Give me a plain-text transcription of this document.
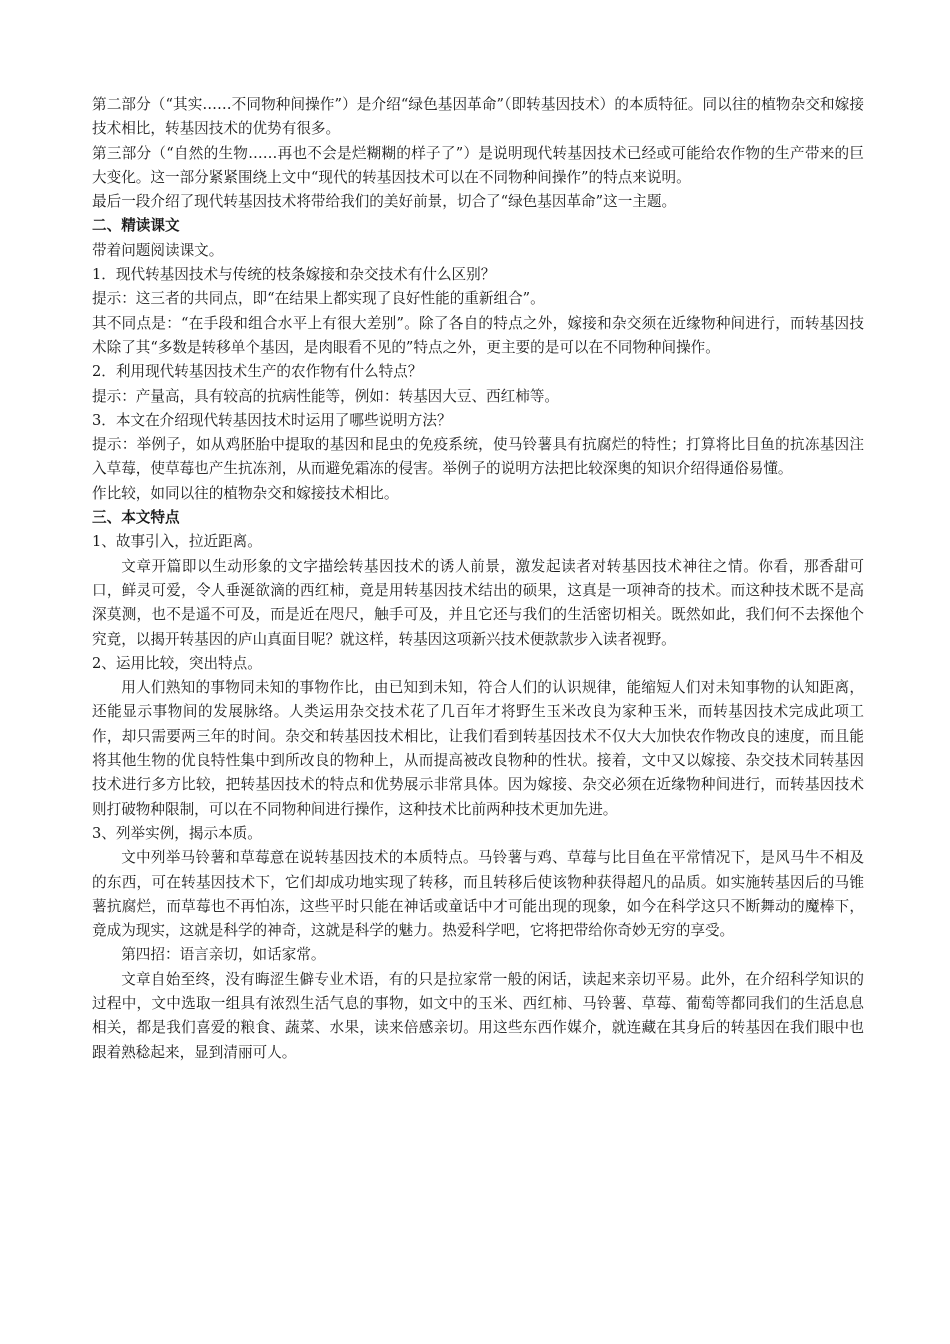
第二部分（“其实……不同物种间操作”）是介绍“绿色基因革命”（即转基因技术）的本质特征。同以往的植物杂交和嫁接技术相比，转基因技术的优势有很多。

第三部分（“自然的生物……再也不会是烂糊糊的样子了”）是说明现代转基因技术已经或可能给农作物的生产带来的巨大变化。这一部分紧紧围绕上文中“现代的转基因技术可以在不同物种间操作”的特点来说明。

最后一段介绍了现代转基因技术将带给我们的美好前景，切合了“绿色基因革命”这一主题。

二、精读课文

带着问题阅读课文。

1．现代转基因技术与传统的枝条嫁接和杂交技术有什么区别？

提示：这三者的共同点，即“在结果上都实现了良好性能的重新组合”。

其不同点是：“在手段和组合水平上有很大差别”。除了各自的特点之外，嫁接和杂交须在近缘物种间进行，而转基因技术除了其“多数是转移单个基因，是肉眼看不见的”特点之外，更主要的是可以在不同物种间操作。

2．利用现代转基因技术生产的农作物有什么特点？

提示：产量高，具有较高的抗病性能等，例如：转基因大豆、西红柿等。

3．本文在介绍现代转基因技术时运用了哪些说明方法？

提示：举例子，如从鸡胚胎中提取的基因和昆虫的免疫系统，使马铃薯具有抗腐烂的特性；打算将比目鱼的抗冻基因注入草莓，使草莓也产生抗冻剂，从而避免霜冻的侵害。举例子的说明方法把比较深奥的知识介绍得通俗易懂。

作比较，如同以往的植物杂交和嫁接技术相比。

三、本文特点

1、故事引入，拉近距离。

文章开篇即以生动形象的文字描绘转基因技术的诱人前景，激发起读者对转基因技术神往之情。你看，那香甜可口，鲜灵可爱，令人垂涎欲滴的西红柿，竟是用转基因技术结出的硕果，这真是一项神奇的技术。而这种技术既不是高深莫测，也不是遥不可及，而是近在咫尺，触手可及，并且它还与我们的生活密切相关。既然如此，我们何不去探他个究竟，以揭开转基因的庐山真面目呢？就这样，转基因这项新兴技术便款款步入读者视野。

2、运用比较，突出特点。

用人们熟知的事物同未知的事物作比，由已知到未知，符合人们的认识规律，能缩短人们对未知事物的认知距离，还能显示事物间的发展脉络。人类运用杂交技术花了几百年才将野生玉米改良为家种玉米，而转基因技术完成此项工作，却只需要两三年的时间。杂交和转基因技术相比，让我们看到转基因技术不仅大大加快农作物改良的速度，而且能将其他生物的优良特性集中到所改良的物种上，从而提高被改良物种的性状。接着，文中又以嫁接、杂交技术同转基因技术进行多方比较，把转基因技术的特点和优势展示非常具体。因为嫁接、杂交必须在近缘物种间进行，而转基因技术则打破物种限制，可以在不同物种间进行操作，这种技术比前两种技术更加先进。

3、列举实例，揭示本质。

文中列举马铃薯和草莓意在说转基因技术的本质特点。马铃薯与鸡、草莓与比目鱼在平常情况下，是风马牛不相及的东西，可在转基因技术下，它们却成功地实现了转移，而且转移后使该物种获得超凡的品质。如实施转基因后的马锥薯抗腐烂，而草莓也不再怕冻，这些平时只能在神话或童话中才可能出现的现象，如今在科学这只不断舞动的魔棒下，竟成为现实，这就是科学的神奇，这就是科学的魅力。热爱科学吧，它将把带给你奇妙无穷的享受。

第四招：语言亲切，如话家常。

文章自始至终，没有晦涩生僻专业术语，有的只是拉家常一般的闲话，读起来亲切平易。此外，在介绍科学知识的过程中，文中选取一组具有浓烈生活气息的事物，如文中的玉米、西红柿、马铃薯、草莓、葡萄等都同我们的生活息息相关，都是我们喜爱的粮食、蔬菜、水果，读来倍感亲切。用这些东西作媒介，就连藏在其身后的转基因在我们眼中也跟着熟稔起来，显到清丽可人。
